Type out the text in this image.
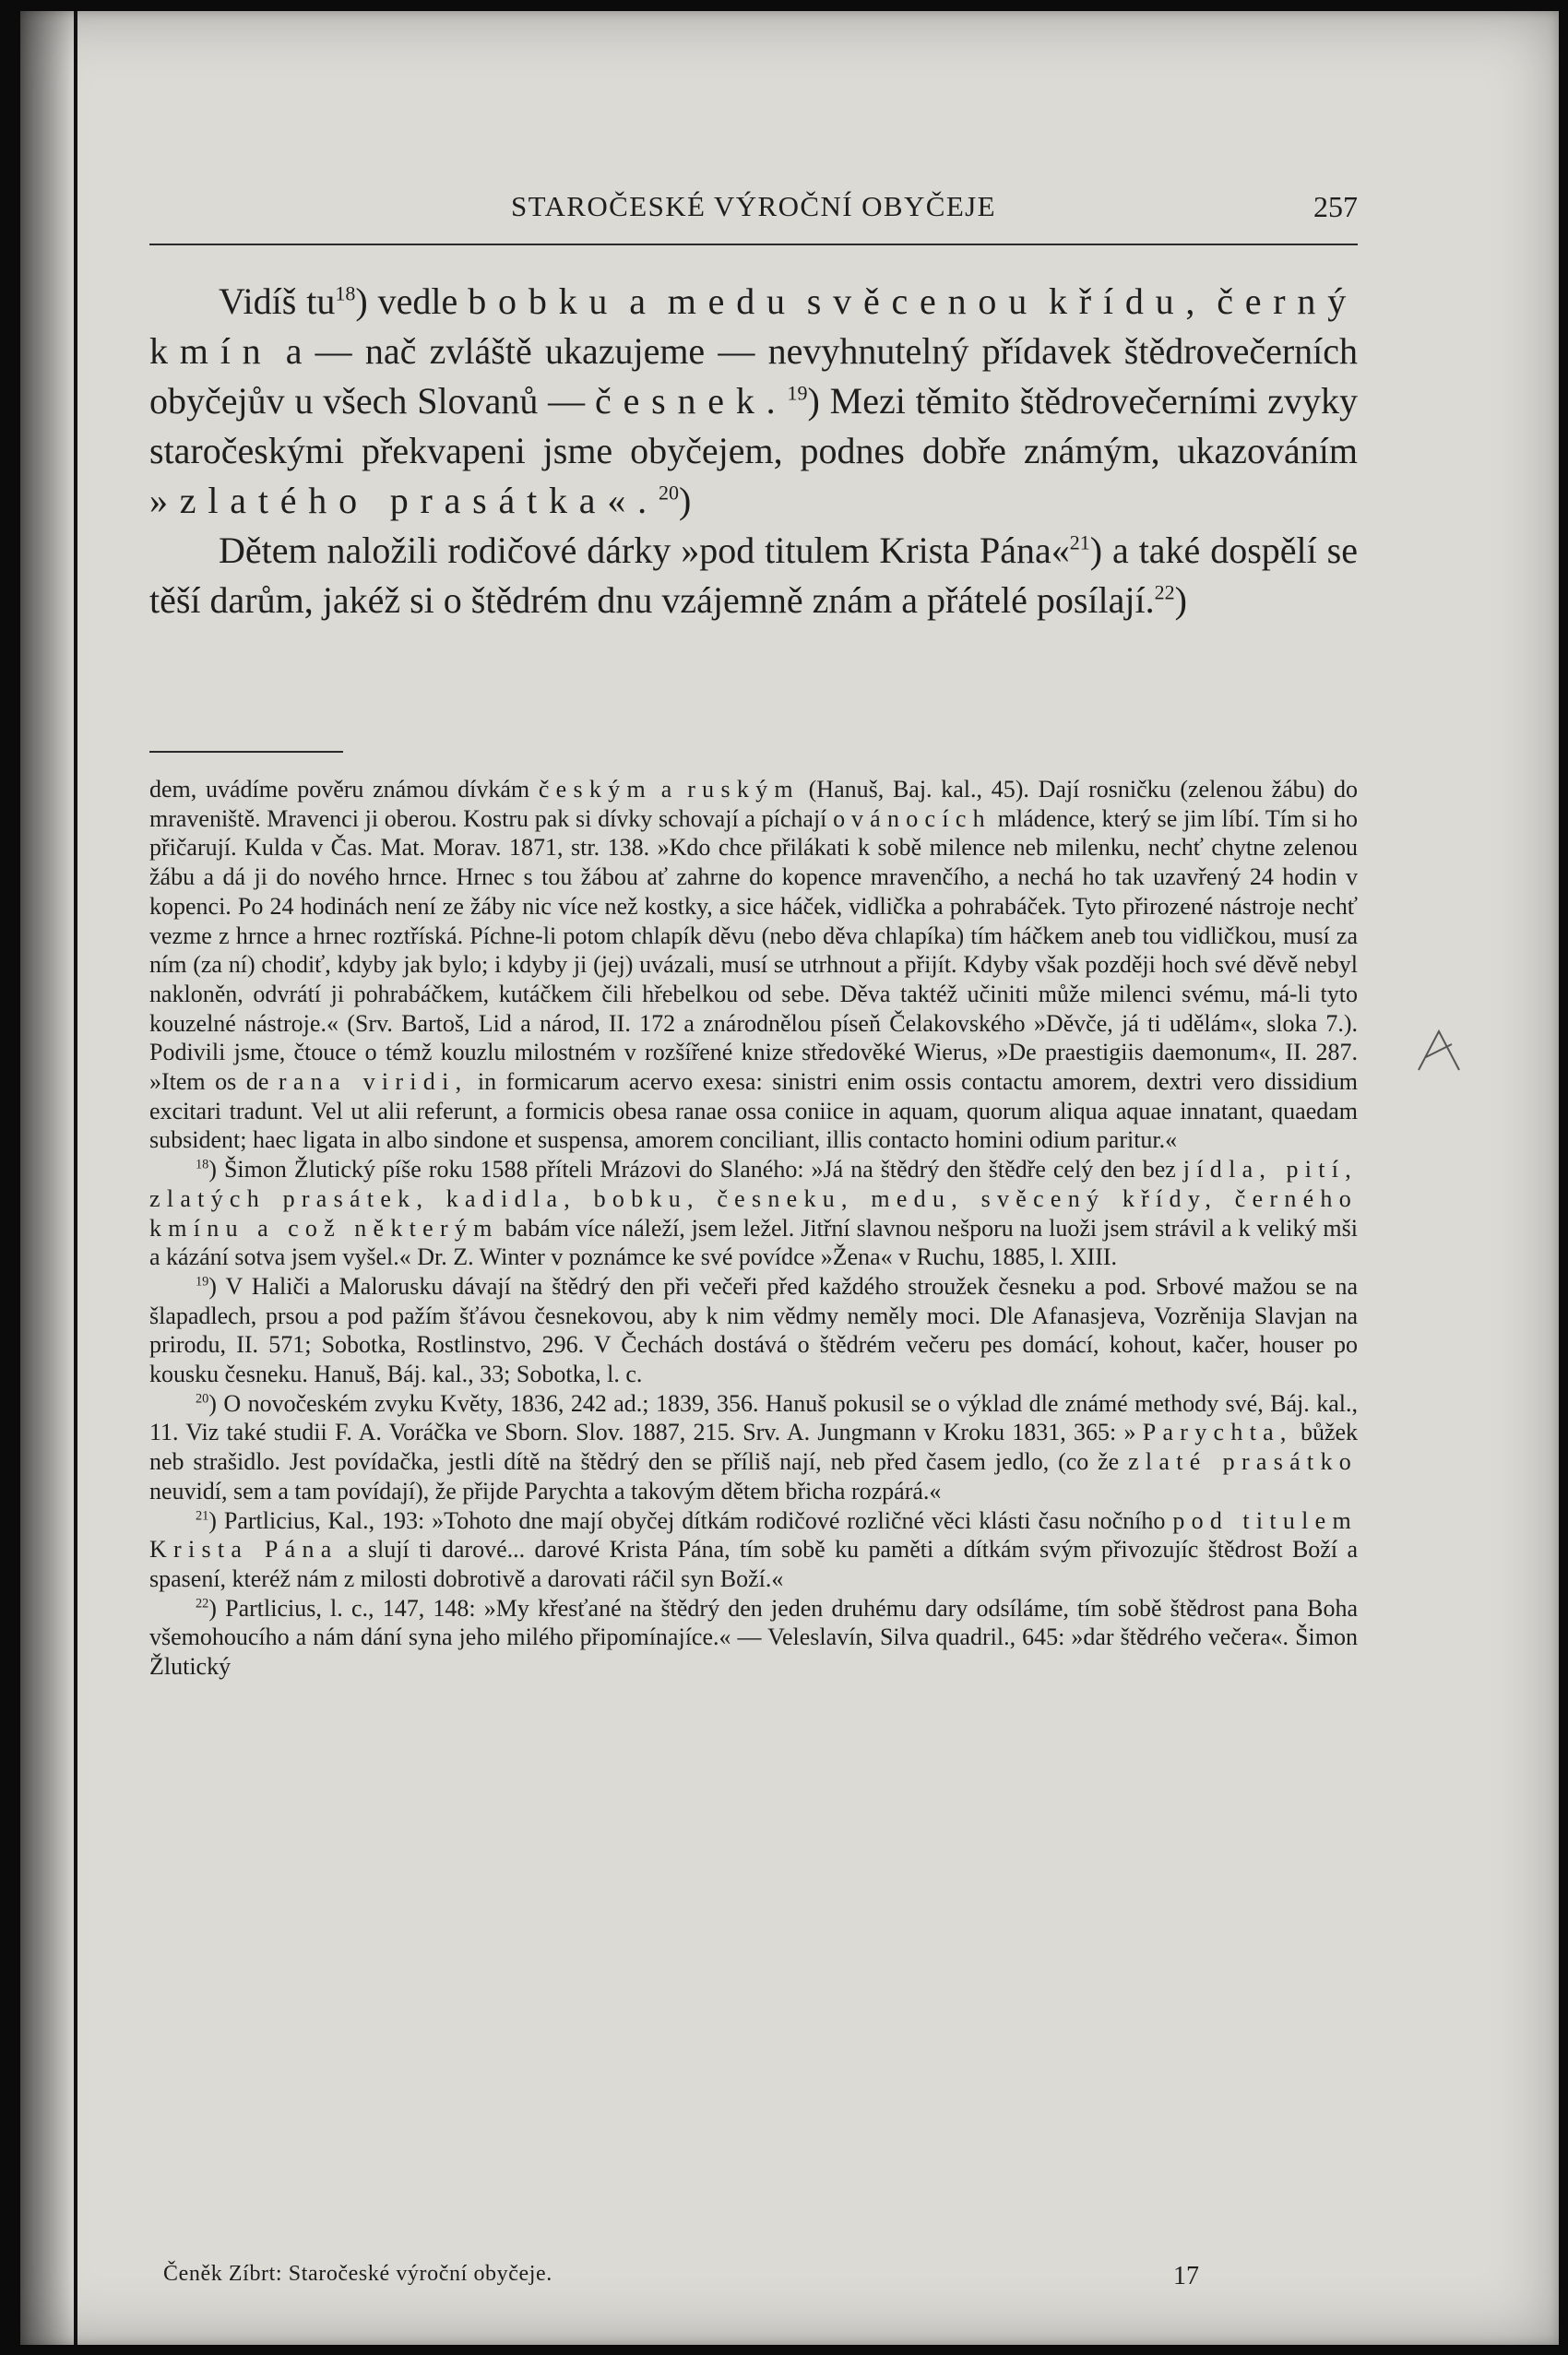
STAROČESKÉ VÝROČNÍ OBYČEJE	257

Vidíš $tu^{18}$) vedle bobku a medu svěcenou křídu, černý kmín a — nač zvláště ukazujeme — nevyhnutelný přídavek štědrovečerních obyčejův u všech Slovanů — česnek.$^{19}$) Mezi těmito štědrovečerními zvyky staročeskými překvapeni jsme obyčejem, podnes dobře známým, ukazováním »zlatého prasátka«.$^{20}$)

Dětem naložili rodičové dárky »pod titulem Krista Pána«$^{21}$) a také dospělí se těší darům, jakéž si o štědrém dnu vzájemně znám a přátelé posílají.$^{22}$)

dem, uvádíme pověru známou dívkám českým a ruským (Hanuš, Baj. kal., 45). Dají rosničku (zelenou žábu) do mraveniště. Mravenci ji oberou. Kostru pak si dívky schovají a píchají o vánocích mládence, který se jim líbí. Tím si ho přičarují. Kulda v Čas. Mat. Morav. 1871, str. 138. »Kdo chce přilákati k sobě milence neb milenku, nechť chytne zelenou žábu a dá ji do nového hrnce. Hrnec s tou žábou ať zahrne do kopence mravenčího, a nechá ho tak uzavřený 24 hodin v kopenci. Po 24 hodinách není ze žáby nic více než kostky, a sice háček, vidlička a pohrabáček. Tyto přirozené nástroje nechť vezme z hrnce a hrnec roztříská. Píchne-li potom chlapík děvu (nebo děva chlapíka) tím háčkem aneb tou vidličkou, musí za ním (za ní) chodiť, kdyby jak bylo; i kdyby ji (jej) uvázali, musí se utrhnout a přijít. Kdyby však později hoch své děvě nebyl nakloněn, odvrátí ji pohrabáčkem, kutáčkem čili hřebelkou od sebe. Děva taktéž učiniti může milenci svému, má-li tyto kouzelné nástroje.« (Srv. Bartoš, Lid a národ, II. 172 a znárodnělou píseň Čelakovského »Děvče, já ti udělám«, sloka 7.). Podivili jsme, čtouce o témž kouzlu milostném v rozšířené knize středověké Wierus, »De praestigiis daemonum«, II. 287. »Item os de rana viridi, in formicarum acervo exesa: sinistri enim ossis contactu amorem, dextri vero dissidium excitari tradunt. Vel ut alii referunt, a formicis obesa ranae ossa coniice in aquam, quorum aliqua aquae innatant, quaedam subsident; haec ligata in albo sindone et suspensa, amorem conciliant, illis contacto homini odium paritur.«

$^{18}$) Šimon Žlutický píše roku 1588 příteli Mrázovi do Slaného: »Já na štědrý den štědře celý den bez jídla, pití, zlatých prasátek, kadidla, bobku, česneku, medu, svěcený křídy, černého kmínu a což některým babám více náleží, jsem ležel. Jitřní slavnou nešporu na luoži jsem strávil a k veliký mši a kázání sotva jsem vyšel.« Dr. Z. Winter v poznámce ke své povídce »Žena« v Ruchu, 1885, l. XIII.

$^{19}$) V Haliči a Malorusku dávají na štědrý den při večeři před každého stroužek česneku a pod. Srbové mažou se na šlapadlech, prsou a pod pažím šťávou česnekovou, aby k nim vědmy neměly moci. Dle Afanasjeva, Vozrěnija Slavjan na prirodu, II. 571; Sobotka, Rostlinstvo, 296. V Čechách dostává o štědrém večeru pes domácí, kohout, kačer, houser po kousku česneku. Hanuš, Báj. kal., 33; Sobotka, l. c.

$^{20}$) O novočeském zvyku Květy, 1836, 242 ad.; 1839, 356. Hanuš pokusil se o výklad dle známé methody své, Báj. kal., 11. Viz také studii F. A. Voráčka ve Sborn. Slov. 1887, 215. Srv. A. Jungmann v Kroku 1831, 365: »Parychta, bůžek neb strašidlo. Jest povídačka, jestli dítě na štědrý den se příliš nají, neb před časem jedlo, (co že zlaté prasátko neuvidí, sem a tam povídají), že přijde Parychta a takovým dětem břicha rozpárá.«

$^{21}$) Partlicius, Kal., 193: »Tohoto dne mají obyčej dítkám rodičové rozličné věci klásti času nočního pod titulem Krista Pána a slují ti darové... darové Krista Pána, tím sobě ku paměti a dítkám svým přivozujíc štědrost Boží a spasení, kteréž nám z milosti dobrotivě a darovati ráčil syn Boží.«

$^{22}$) Partlicius, l. c., 147, 148: »My křesťané na štědrý den jeden druhému dary odsíláme, tím sobě štědrost pana Boha všemohoucího a nám dání syna jeho milého připomínajíce.« — Veleslavín, Silva quadril., 645: »dar štědrého večera«. Šimon Žlutický

Čeněk Zíbrt: Staročeské výroční obyčeje.	17
